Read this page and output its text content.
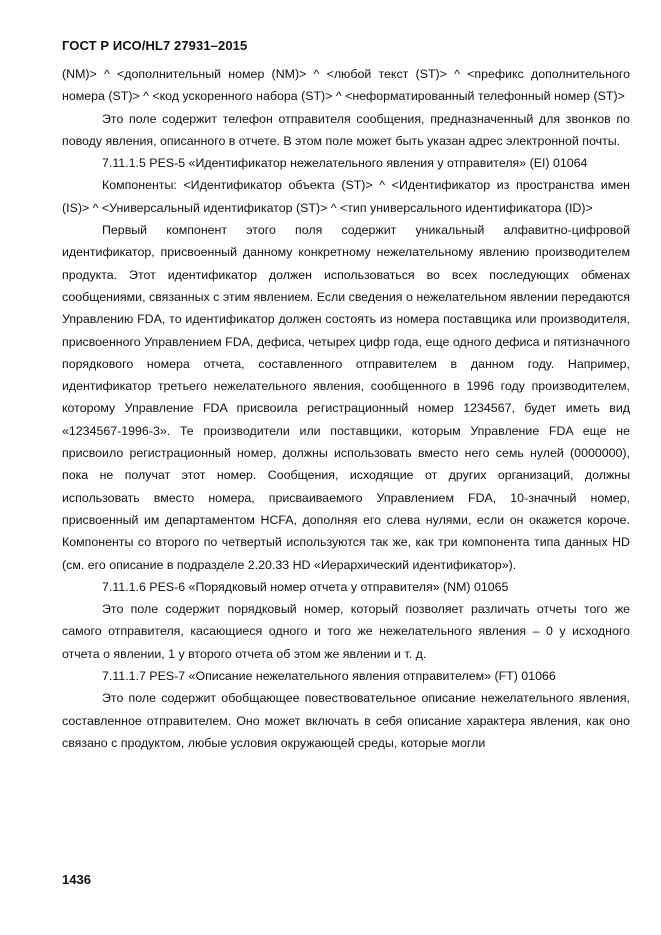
ГОСТ Р ИСО/HL7 27931–2015

(NM)> ^ <дополнительный номер (NM)> ^ <любой текст (ST)> ^ <префикс дополнительного номера (ST)> ^ <код ускоренного набора (ST)> ^ <неформатированный телефонный номер (ST)>

Это поле содержит телефон отправителя сообщения, предназначенный для звонков по поводу явления, описанного в отчете. В этом поле может быть указан адрес электронной почты.

7.11.1.5 PES-5 «Идентификатор нежелательного явления у отправителя» (EI) 01064

Компоненты: <Идентификатор объекта (ST)> ^ <Идентификатор из пространства имен (IS)> ^ <Универсальный идентификатор (ST)> ^ <тип универсального идентификатора (ID)>

Первый компонент этого поля содержит уникальный алфавитно-цифровой идентификатор, присвоенный данному конкретному нежелательному явлению производителем продукта. Этот идентификатор должен использоваться во всех последующих обменах сообщениями, связанных с этим явлением. Если сведения о нежелательном явлении передаются Управлению FDA, то идентификатор должен состоять из номера поставщика или производителя, присвоенного Управлением FDA, дефиса, четырех цифр года, еще одного дефиса и пятизначного порядкового номера отчета, составленного отправителем в данном году. Например, идентификатор третьего нежелательного явления, сообщенного в 1996 году производителем, которому Управление FDA присвоила регистрационный номер 1234567, будет иметь вид «1234567-1996-3». Те производители или поставщики, которым Управление FDA еще не присвоило регистрационный номер, должны использовать вместо него семь нулей (0000000), пока не получат этот номер. Сообщения, исходящие от других организаций, должны использовать вместо номера, присваиваемого Управлением FDA, 10-значный номер, присвоенный им департаментом HCFA, дополняя его слева нулями, если он окажется короче. Компоненты со второго по четвертый используются так же, как три компонента типа данных HD (см. его описание в подразделе 2.20.33 HD «Иерархический идентификатор»).

7.11.1.6 PES-6 «Порядковый номер отчета у отправителя» (NM) 01065

Это поле содержит порядковый номер, который позволяет различать отчеты того же самого отправителя, касающиеся одного и того же нежелательного явления – 0 у исходного отчета о явлении, 1 у второго отчета об этом же явлении и т. д.

7.11.1.7 PES-7 «Описание нежелательного явления отправителем» (FT) 01066

Это поле содержит обобщающее повествовательное описание нежелательного явления, составленное отправителем. Оно может включать в себя описание характера явления, как оно связано с продуктом, любые условия окружающей среды, которые могли

1436
